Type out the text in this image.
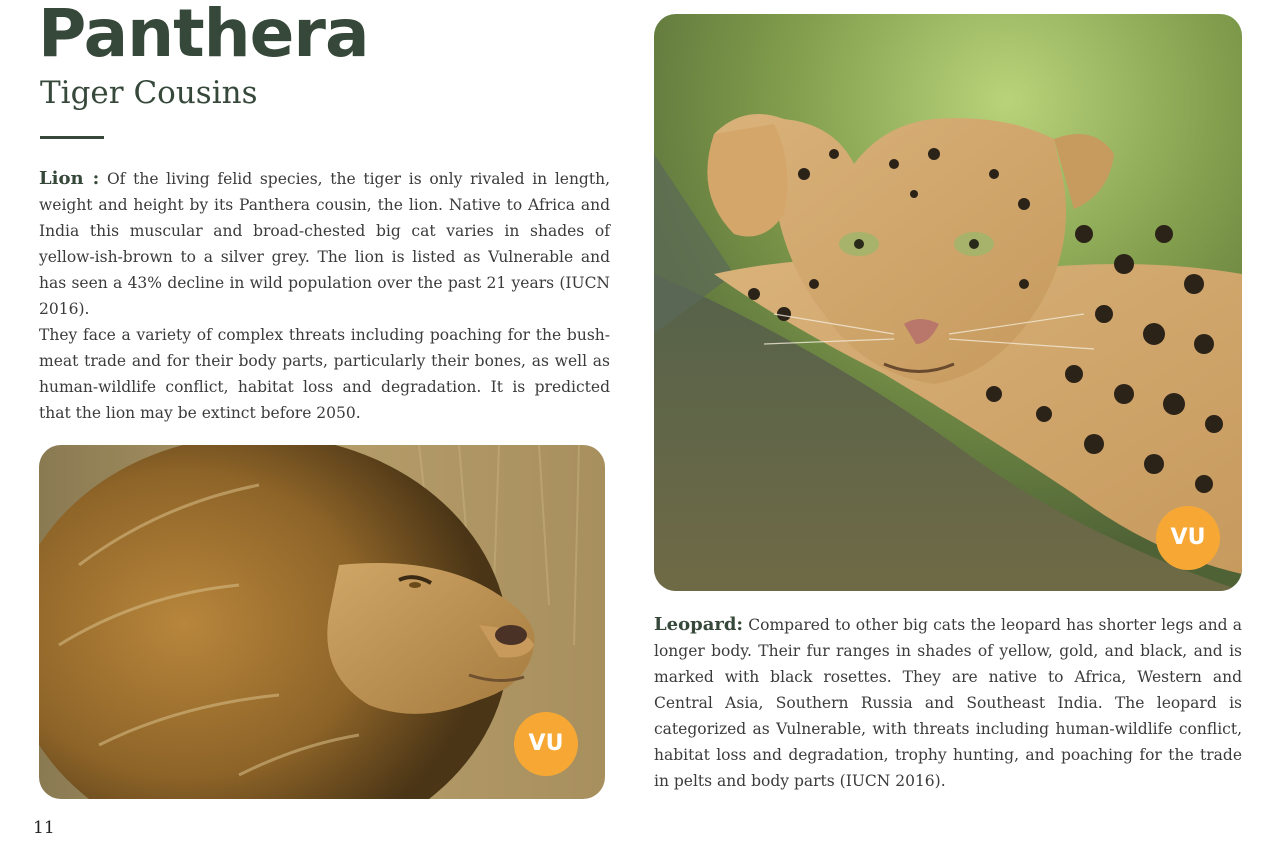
Panthera
Tiger Cousins

Lion : Of the living felid species, the tiger is only rivaled in length, weight and height by its Panthera cousin, the lion. Native to Africa and India this muscular and broad-chested big cat varies in shades of yellow-ish-brown to a silver grey. The lion is listed as Vulnerable and has seen a 43% decline in wild population over the past 21 years (IUCN 2016).

They face a variety of complex threats including poaching for the bush-meat trade and for their body parts, particularly their bones, as well as human-wildlife conflict, habitat loss and degradation. It is predicted that the lion may be extinct before 2050.

VU
VU

Leopard: Compared to other big cats the leopard has shorter legs and a longer body. Their fur ranges in shades of yellow, gold, and black, and is marked with black rosettes. They are native to Africa, Western and Central Asia, Southern Russia and Southeast India. The leopard is categorized as Vulnerable, with threats including human-wildlife conflict, habitat loss and degradation, trophy hunting, and poaching for the trade in pelts and body parts (IUCN 2016).

11
